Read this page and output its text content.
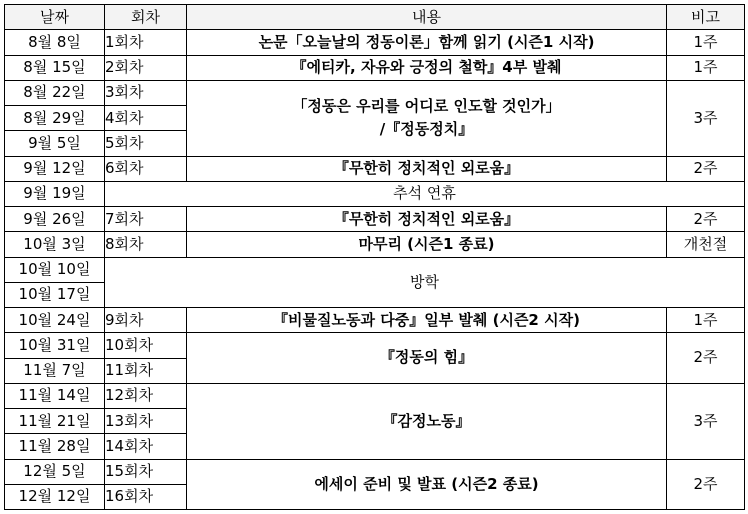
날짜	회차	내용	비고
8월 8일	1회차	논문「오늘날의 정동이론」함께 읽기 (시즌1 시작)	1주
8월 15일	2회차	『에티카, 자유와 긍정의 철학』4부 발췌	1주
8월 22일	3회차	「정동은 우리를 어디로 인도할 것인가」
/『정동정치』	3주
8월 29일	4회차		
9월 5일	5회차		
9월 12일	6회차	『무한히 정치적인 외로움』	2주
9월 19일	추석 연휴		
9월 26일	7회차	『무한히 정치적인 외로움』	2주
10월 3일	8회차	마무리 (시즌1 종료)	개천절
10월 10일	방학		
10월 17일			
10월 24일	9회차	『비물질노동과 다중』일부 발췌 (시즌2 시작)	1주
10월 31일	10회차	『정동의 힘』	2주
11월 7일	11회차		
11월 14일	12회차	『감정노동』	3주
11월 21일	13회차		
11월 28일	14회차		
12월 5일	15회차	에세이 준비 및 발표 (시즌2 종료)	2주
12월 12일	16회차		
